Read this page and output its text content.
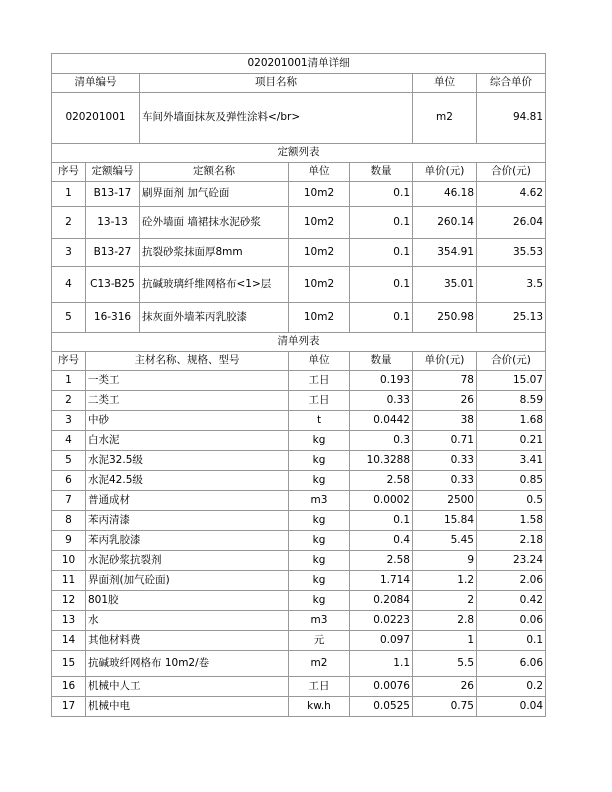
020201001清单详细						
清单编号		项目名称			单位	综合单价
020201001		车间外墙面抹灰及弹性涂料</br>			m2	94.81
定额列表						
序号	定额编号	定额名称	单位	数量	单价(元)	合价(元)
1	B13-17	刷界面剂 加气砼面	10m2	0.1	46.18	4.62
2	13-13	砼外墙面 墙裙抹水泥砂浆	10m2	0.1	260.14	26.04
3	B13-27	抗裂砂浆抹面厚8mm	10m2	0.1	354.91	35.53
4	C13-B25	抗碱玻璃纤维网格布<1>层	10m2	0.1	35.01	3.5
5	16-316	抹灰面外墙苯丙乳胶漆	10m2	0.1	250.98	25.13
清单列表						
序号	主材名称、规格、型号		单位	数量	单价(元)	合价(元)
1	一类工		工日	0.193	78	15.07
2	二类工		工日	0.33	26	8.59
3	中砂		t	0.0442	38	1.68
4	白水泥		kg	0.3	0.71	0.21
5	水泥32.5级		kg	10.3288	0.33	3.41
6	水泥42.5级		kg	2.58	0.33	0.85
7	普通成材		m3	0.0002	2500	0.5
8	苯丙清漆		kg	0.1	15.84	1.58
9	苯丙乳胶漆		kg	0.4	5.45	2.18
10	水泥砂浆抗裂剂		kg	2.58	9	23.24
11	界面剂(加气砼面)		kg	1.714	1.2	2.06
12	801胶		kg	0.2084	2	0.42
13	水		m3	0.0223	2.8	0.06
14	其他材料费		元	0.097	1	0.1
15	抗碱玻纤网格布 10m2/卷		m2	1.1	5.5	6.06
16	机械中人工		工日	0.0076	26	0.2
17	机械中电		kw.h	0.0525	0.75	0.04
